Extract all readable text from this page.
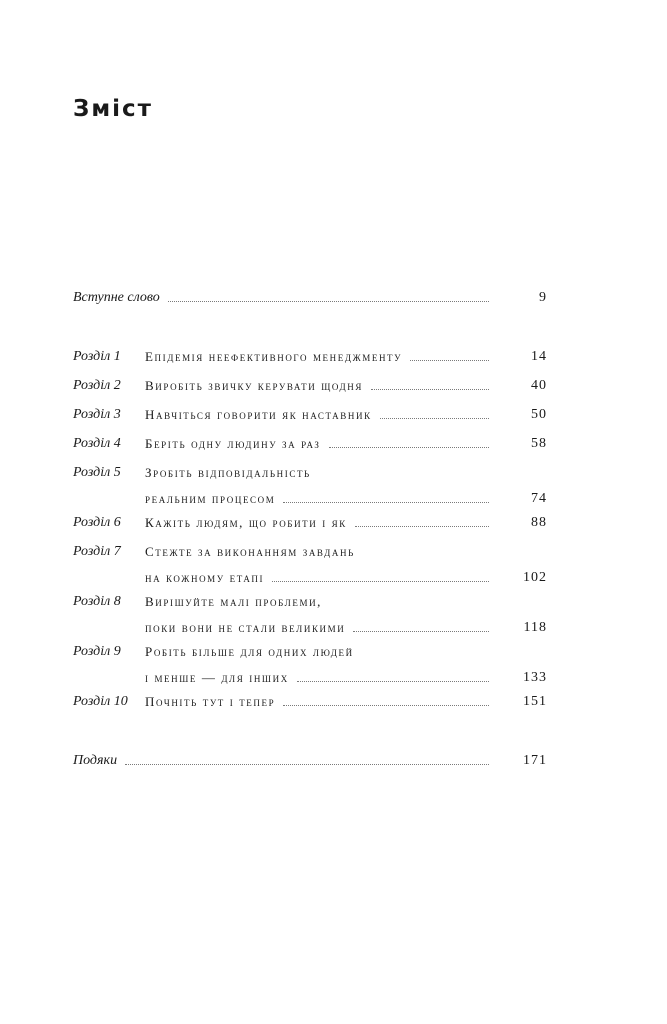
Зміст
Вступне слово	9
Розділ 1	Епідемія неефективного менеджменту	14
Розділ 2	Виробіть звичку керувати щодня	40
Розділ 3	Навчіться говорити як наставник	50
Розділ 4	Беріть одну людину за раз	58
Розділ 5	Зробіть відповідальність
реальним процесом	74
Розділ 6	Кажіть людям, що робити і як	88
Розділ 7	Стежте за виконанням завдань
на кожному етапі	102
Розділ 8	Вирішуйте малі проблеми,
поки вони не стали великими	118
Розділ 9	Робіть більше для одних людей
і менше — для інших	133
Розділ 10	Почніть тут і тепер	151
Подяки	171
